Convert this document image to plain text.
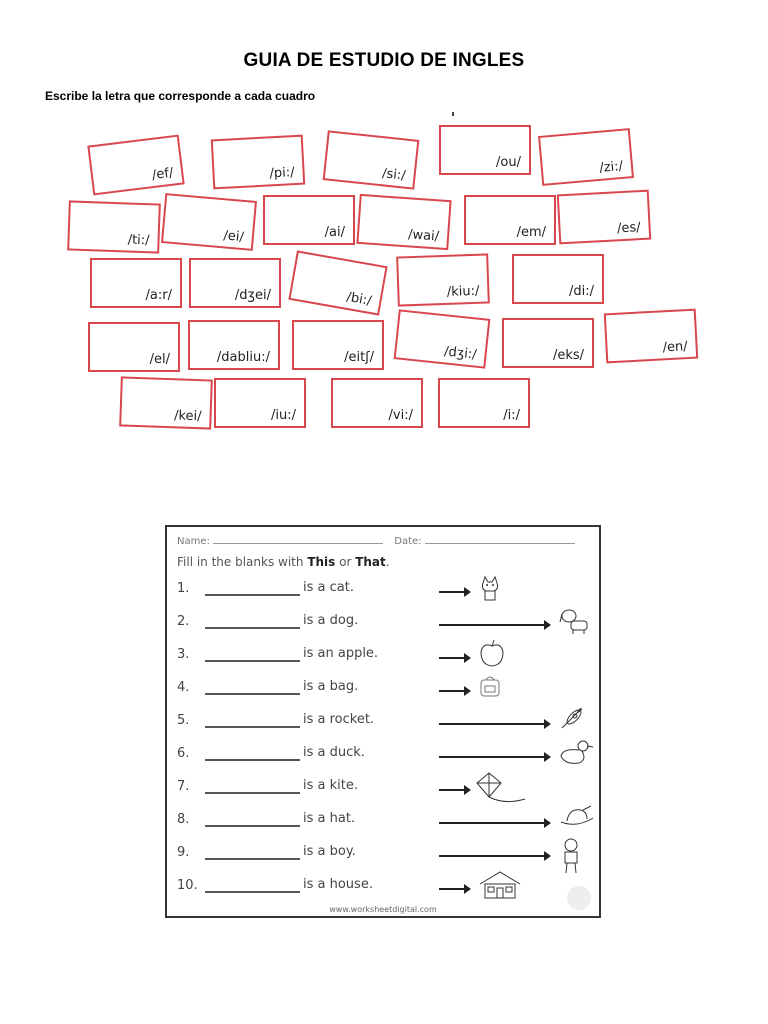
GUIA DE ESTUDIO DE INGLES
Escribe la letra que corresponde a cada cuadro
/ef/	/pi:/	/si:/
/ou/	/zi:/
/ti:/	/ei/	/ai/	/wai/	/em/	/es/
/a:r/	/dʒei/	/bi:/	/kiu:/	/di:/
/el/	/dabliu:/	/eitʃ/	/dʒi:/	/eks/
/en/
/kei/	/iu:/	/vi:/	/i:/
Name:	Date:
Fill in the blanks with This or That.
1.	is a cat.
2.	is a dog.
3.	is an apple.
4.	is a bag.
5.	is a rocket.
6.	is a duck.
7.	is a kite.
8.	is a hat.
9.	is a boy.
10.	is a house.
www.worksheetdigital.com
